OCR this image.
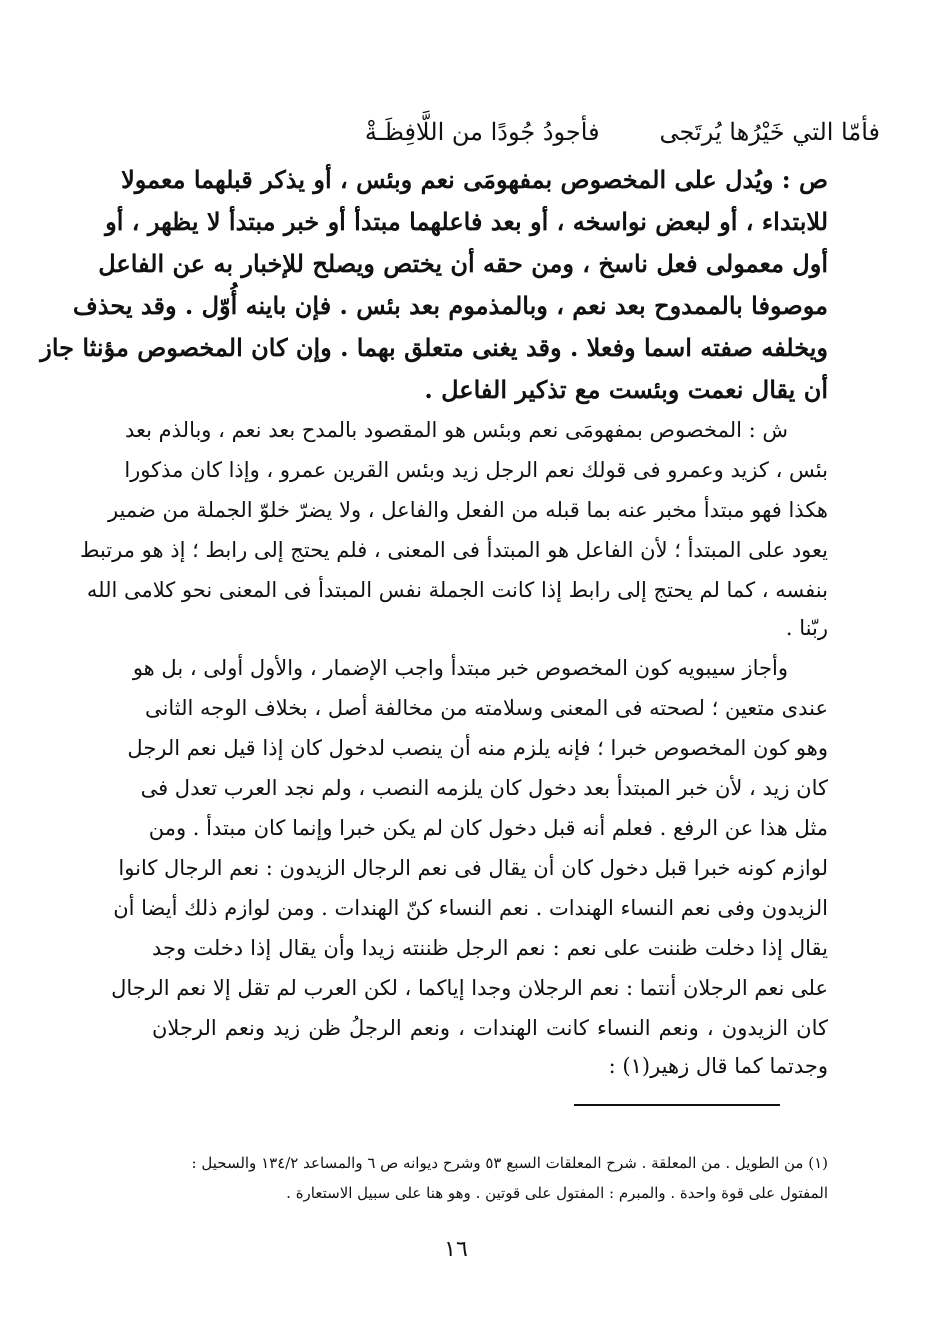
فأمّا التي خَيْرُها يُرتَجىفأجودُ جُودًا من اللَّافِظَـةْ
ص : ويُدل على المخصوص بمفهومَى نعم وبئس ، أو يذكر قبلهما معمولا
للابتداء ، أو لبعض نواسخه ، أو بعد فاعلهما مبتدأ أو خبر مبتدأ لا يظهر ، أو
أول معمولى فعل ناسخ ، ومن حقه أن يختص ويصلح للإخبار به عن الفاعل
موصوفا بالممدوح بعد نعم ، وبالمذموم بعد بئس . فإن باينه أُوّل . وقد يحذف
ويخلفه صفته اسما وفعلا . وقد يغنى متعلق بهما . وإن كان المخصوص مؤنثا جاز
أن يقال نعمت وبئست مع تذكير الفاعل .
ش : المخصوص بمفهومَى نعم وبئس هو المقصود بالمدح بعد نعم ، وبالذم بعد
بئس ، كزيد وعمرو فى قولك نعم الرجل زيد وبئس القرين عمرو ، وإذا كان مذكورا
هكذا فهو مبتدأ مخبر عنه بما قبله من الفعل والفاعل ، ولا يضرّ خلوّ الجملة من ضمير
يعود على المبتدأ ؛ لأن الفاعل هو المبتدأ فى المعنى ، فلم يحتج إلى رابط ؛ إذ هو مرتبط
بنفسه ، كما لم يحتج إلى رابط إذا كانت الجملة نفس المبتدأ فى المعنى نحو كلامى الله
ربّنا .
وأجاز سيبويه كون المخصوص خبر مبتدأ واجب الإضمار ، والأول أولى ، بل هو
عندى متعين ؛ لصحته فى المعنى وسلامته من مخالفة أصل ، بخلاف الوجه الثانى
وهو كون المخصوص خبرا ؛ فإنه يلزم منه أن ينصب لدخول كان إذا قيل نعم الرجل
كان زيد ، لأن خبر المبتدأ بعد دخول كان يلزمه النصب ، ولم نجد العرب تعدل فى
مثل هذا عن الرفع . فعلم أنه قبل دخول كان لم يكن خبرا وإنما كان مبتدأ . ومن
لوازم كونه خبرا قبل دخول كان أن يقال فى نعم الرجال الزيدون : نعم الرجال كانوا
الزيدون وفى نعم النساء الهندات . نعم النساء كنّ الهندات . ومن لوازم ذلك أيضا أن
يقال إذا دخلت ظننت على نعم : نعم الرجل ظننته زيدا وأن يقال إذا دخلت وجد
على نعم الرجلان أنتما : نعم الرجلان وجدا إياكما ، لكن العرب لم تقل إلا نعم الرجال
كان الزيدون ، ونعم النساء كانت الهندات ، ونعم الرجلُ ظن زيد ونعم الرجلان
وجدتما كما قال زهير(١) :
(١) من الطويل . من المعلقة . شرح المعلقات السبع ٥٣ وشرح ديوانه ص ٦ والمساعد ١٣٤/٢ والسحيل :
المفتول على قوة واحدة . والمبرم : المفتول على قوتين . وهو هنا على سبيل الاستعارة .
١٦
